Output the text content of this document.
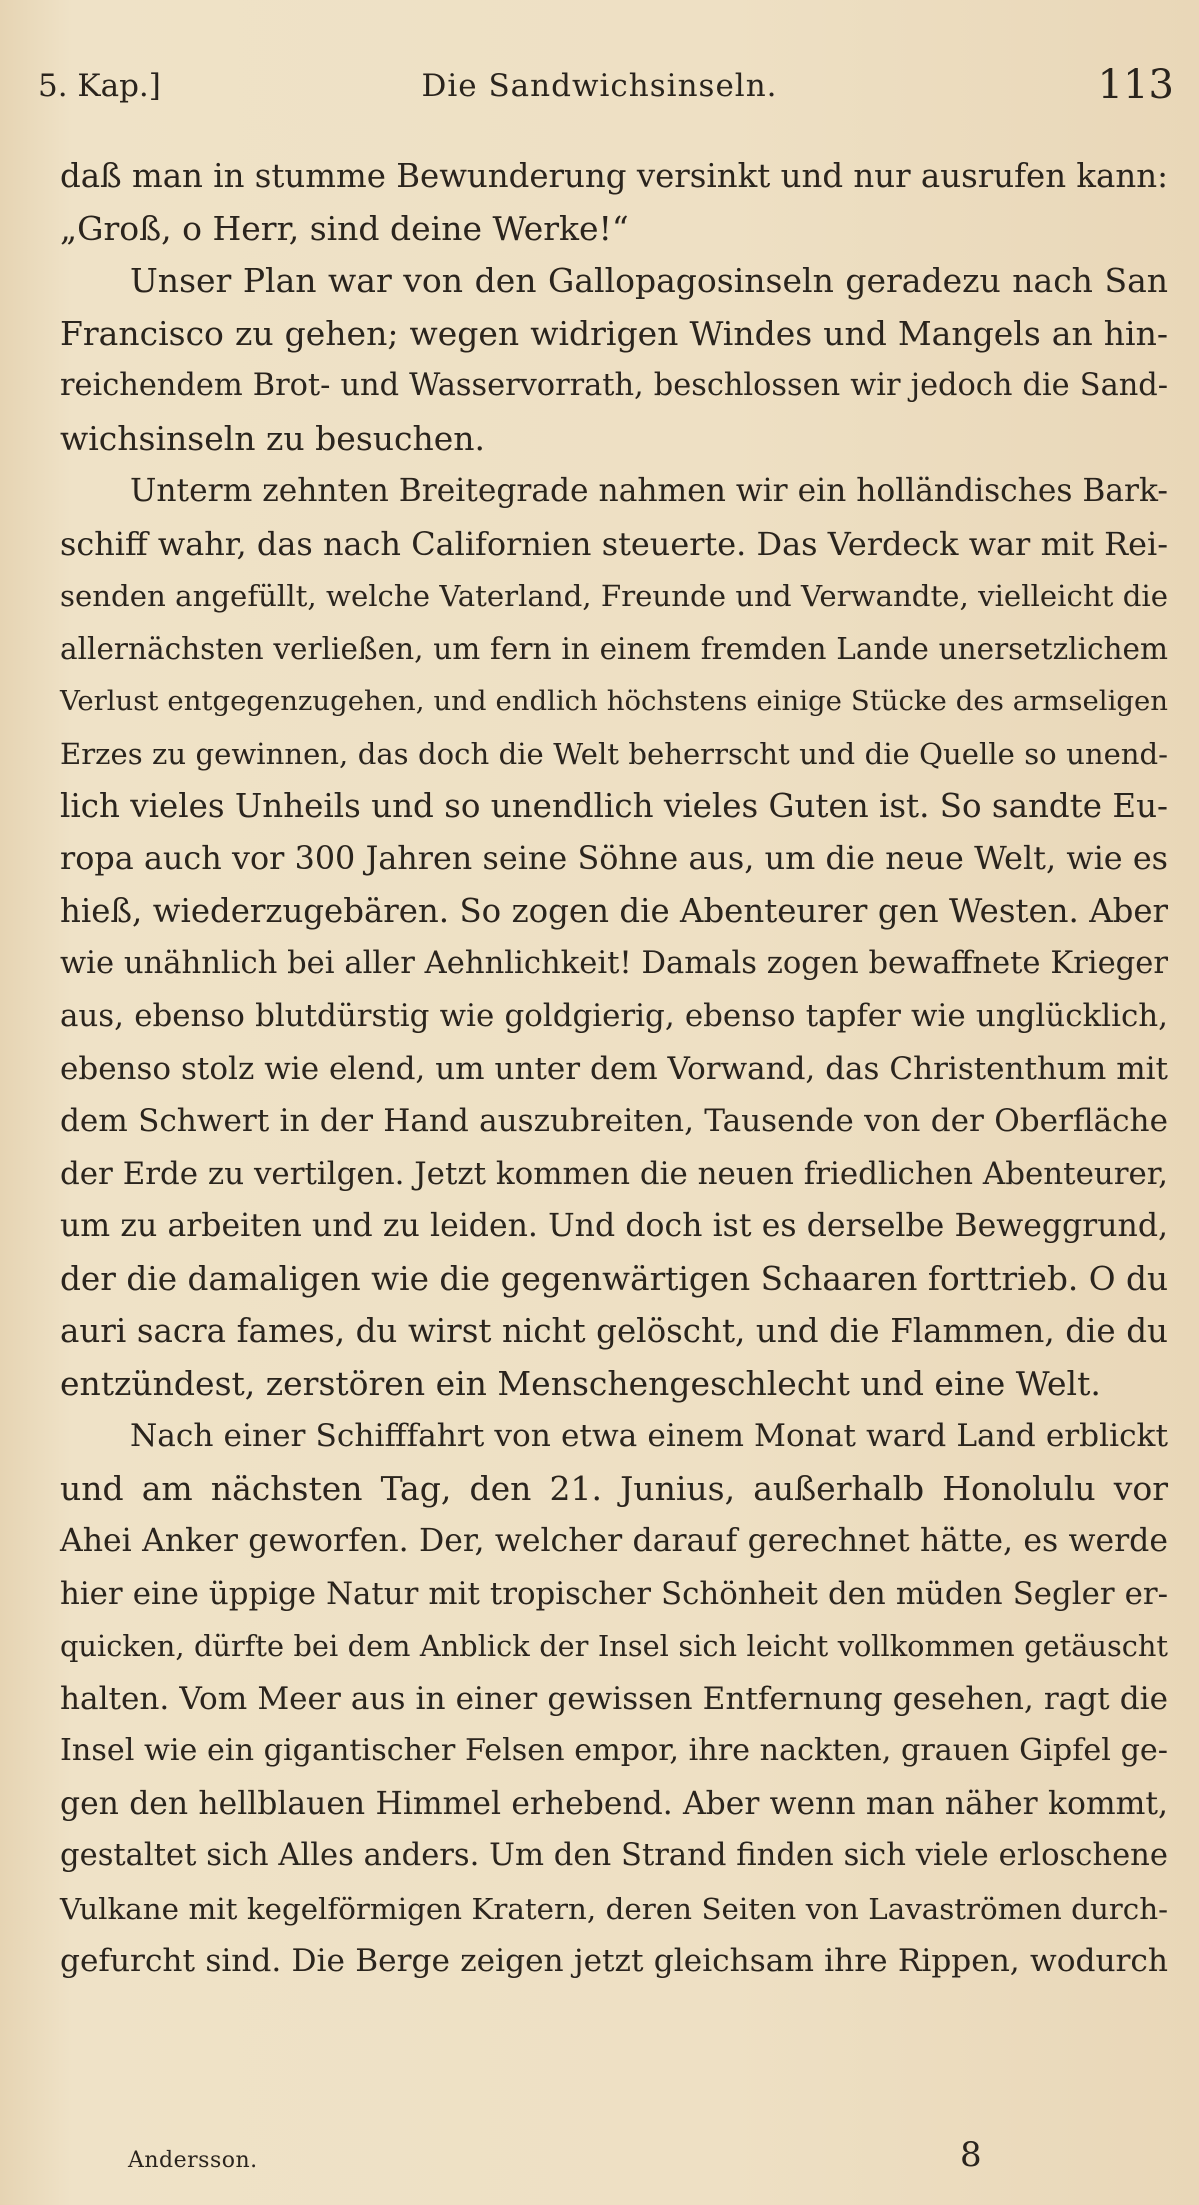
5. Kap.]	Die Sandwichsinseln.	113
daß man in stumme Bewunderung versinkt und nur ausrufen kann:
„Groß, o Herr, sind deine Werke!“
Unser Plan war von den Gallopagosinseln geradezu nach San
Francisco zu gehen; wegen widrigen Windes und Mangels an hin-
reichendem Brot- und Wasservorrath, beschlossen wir jedoch die Sand-
wichsinseln zu besuchen.
Unterm zehnten Breitegrade nahmen wir ein holländisches Bark-
schiff wahr, das nach Californien steuerte. Das Verdeck war mit Rei-
senden angefüllt, welche Vaterland, Freunde und Verwandte, vielleicht die
allernächsten verließen, um fern in einem fremden Lande unersetzlichem
Verlust entgegenzugehen, und endlich höchstens einige Stücke des armseligen
Erzes zu gewinnen, das doch die Welt beherrscht und die Quelle so unend-
lich vieles Unheils und so unendlich vieles Guten ist. So sandte Eu-
ropa auch vor 300 Jahren seine Söhne aus, um die neue Welt, wie es
hieß, wiederzugebären. So zogen die Abenteurer gen Westen. Aber
wie unähnlich bei aller Aehnlichkeit! Damals zogen bewaffnete Krieger
aus, ebenso blutdürstig wie goldgierig, ebenso tapfer wie unglücklich,
ebenso stolz wie elend, um unter dem Vorwand, das Christenthum mit
dem Schwert in der Hand auszubreiten, Tausende von der Oberfläche
der Erde zu vertilgen. Jetzt kommen die neuen friedlichen Abenteurer,
um zu arbeiten und zu leiden. Und doch ist es derselbe Beweggrund,
der die damaligen wie die gegenwärtigen Schaaren forttrieb. O du
auri sacra fames, du wirst nicht gelöscht, und die Flammen, die du
entzündest, zerstören ein Menschengeschlecht und eine Welt.
Nach einer Schifffahrt von etwa einem Monat ward Land erblickt
und am nächsten Tag, den 21. Junius, außerhalb Honolulu vor
Ahei Anker geworfen. Der, welcher darauf gerechnet hätte, es werde
hier eine üppige Natur mit tropischer Schönheit den müden Segler er-
quicken, dürfte bei dem Anblick der Insel sich leicht vollkommen getäuscht
halten. Vom Meer aus in einer gewissen Entfernung gesehen, ragt die
Insel wie ein gigantischer Felsen empor, ihre nackten, grauen Gipfel ge-
gen den hellblauen Himmel erhebend. Aber wenn man näher kommt,
gestaltet sich Alles anders. Um den Strand finden sich viele erloschene
Vulkane mit kegelförmigen Kratern, deren Seiten von Lavaströmen durch-
gefurcht sind. Die Berge zeigen jetzt gleichsam ihre Rippen, wodurch
Andersson.	8
